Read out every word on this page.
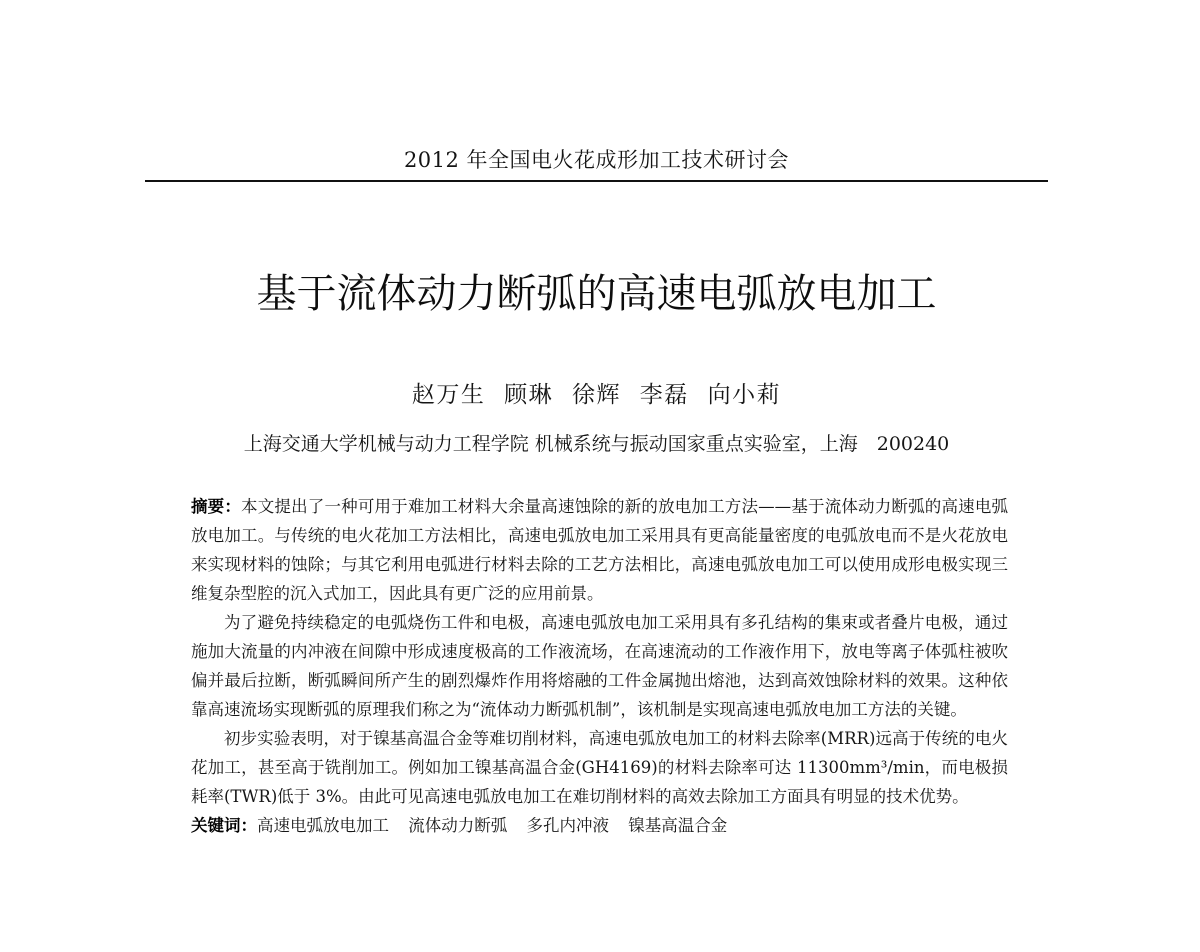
2012 年全国电火花成形加工技术研讨会
基于流体动力断弧的高速电弧放电加工
赵万生 顾琳 徐辉 李磊 向小莉
上海交通大学机械与动力工程学院 机械系统与振动国家重点实验室，上海　200240

摘要：本文提出了一种可用于难加工材料大余量高速蚀除的新的放电加工方法——基于流体动力断弧的高速电弧放电加工。与传统的电火花加工方法相比，高速电弧放电加工采用具有更高能量密度的电弧放电而不是火花放电来实现材料的蚀除；与其它利用电弧进行材料去除的工艺方法相比，高速电弧放电加工可以使用成形电极实现三维复杂型腔的沉入式加工，因此具有更广泛的应用前景。

为了避免持续稳定的电弧烧伤工件和电极，高速电弧放电加工采用具有多孔结构的集束或者叠片电极，通过施加大流量的内冲液在间隙中形成速度极高的工作液流场，在高速流动的工作液作用下，放电等离子体弧柱被吹偏并最后拉断，断弧瞬间所产生的剧烈爆炸作用将熔融的工件金属抛出熔池，达到高效蚀除材料的效果。这种依靠高速流场实现断弧的原理我们称之为“流体动力断弧机制”，该机制是实现高速电弧放电加工方法的关键。

初步实验表明，对于镍基高温合金等难切削材料，高速电弧放电加工的材料去除率(MRR)远高于传统的电火花加工，甚至高于铣削加工。例如加工镍基高温合金(GH4169)的材料去除率可达 11300mm³/min，而电极损耗率(TWR)低于 3%。由此可见高速电弧放电加工在难切削材料的高效去除加工方面具有明显的技术优势。

关键词：高速电弧放电加工 流体动力断弧 多孔内冲液 镍基高温合金
